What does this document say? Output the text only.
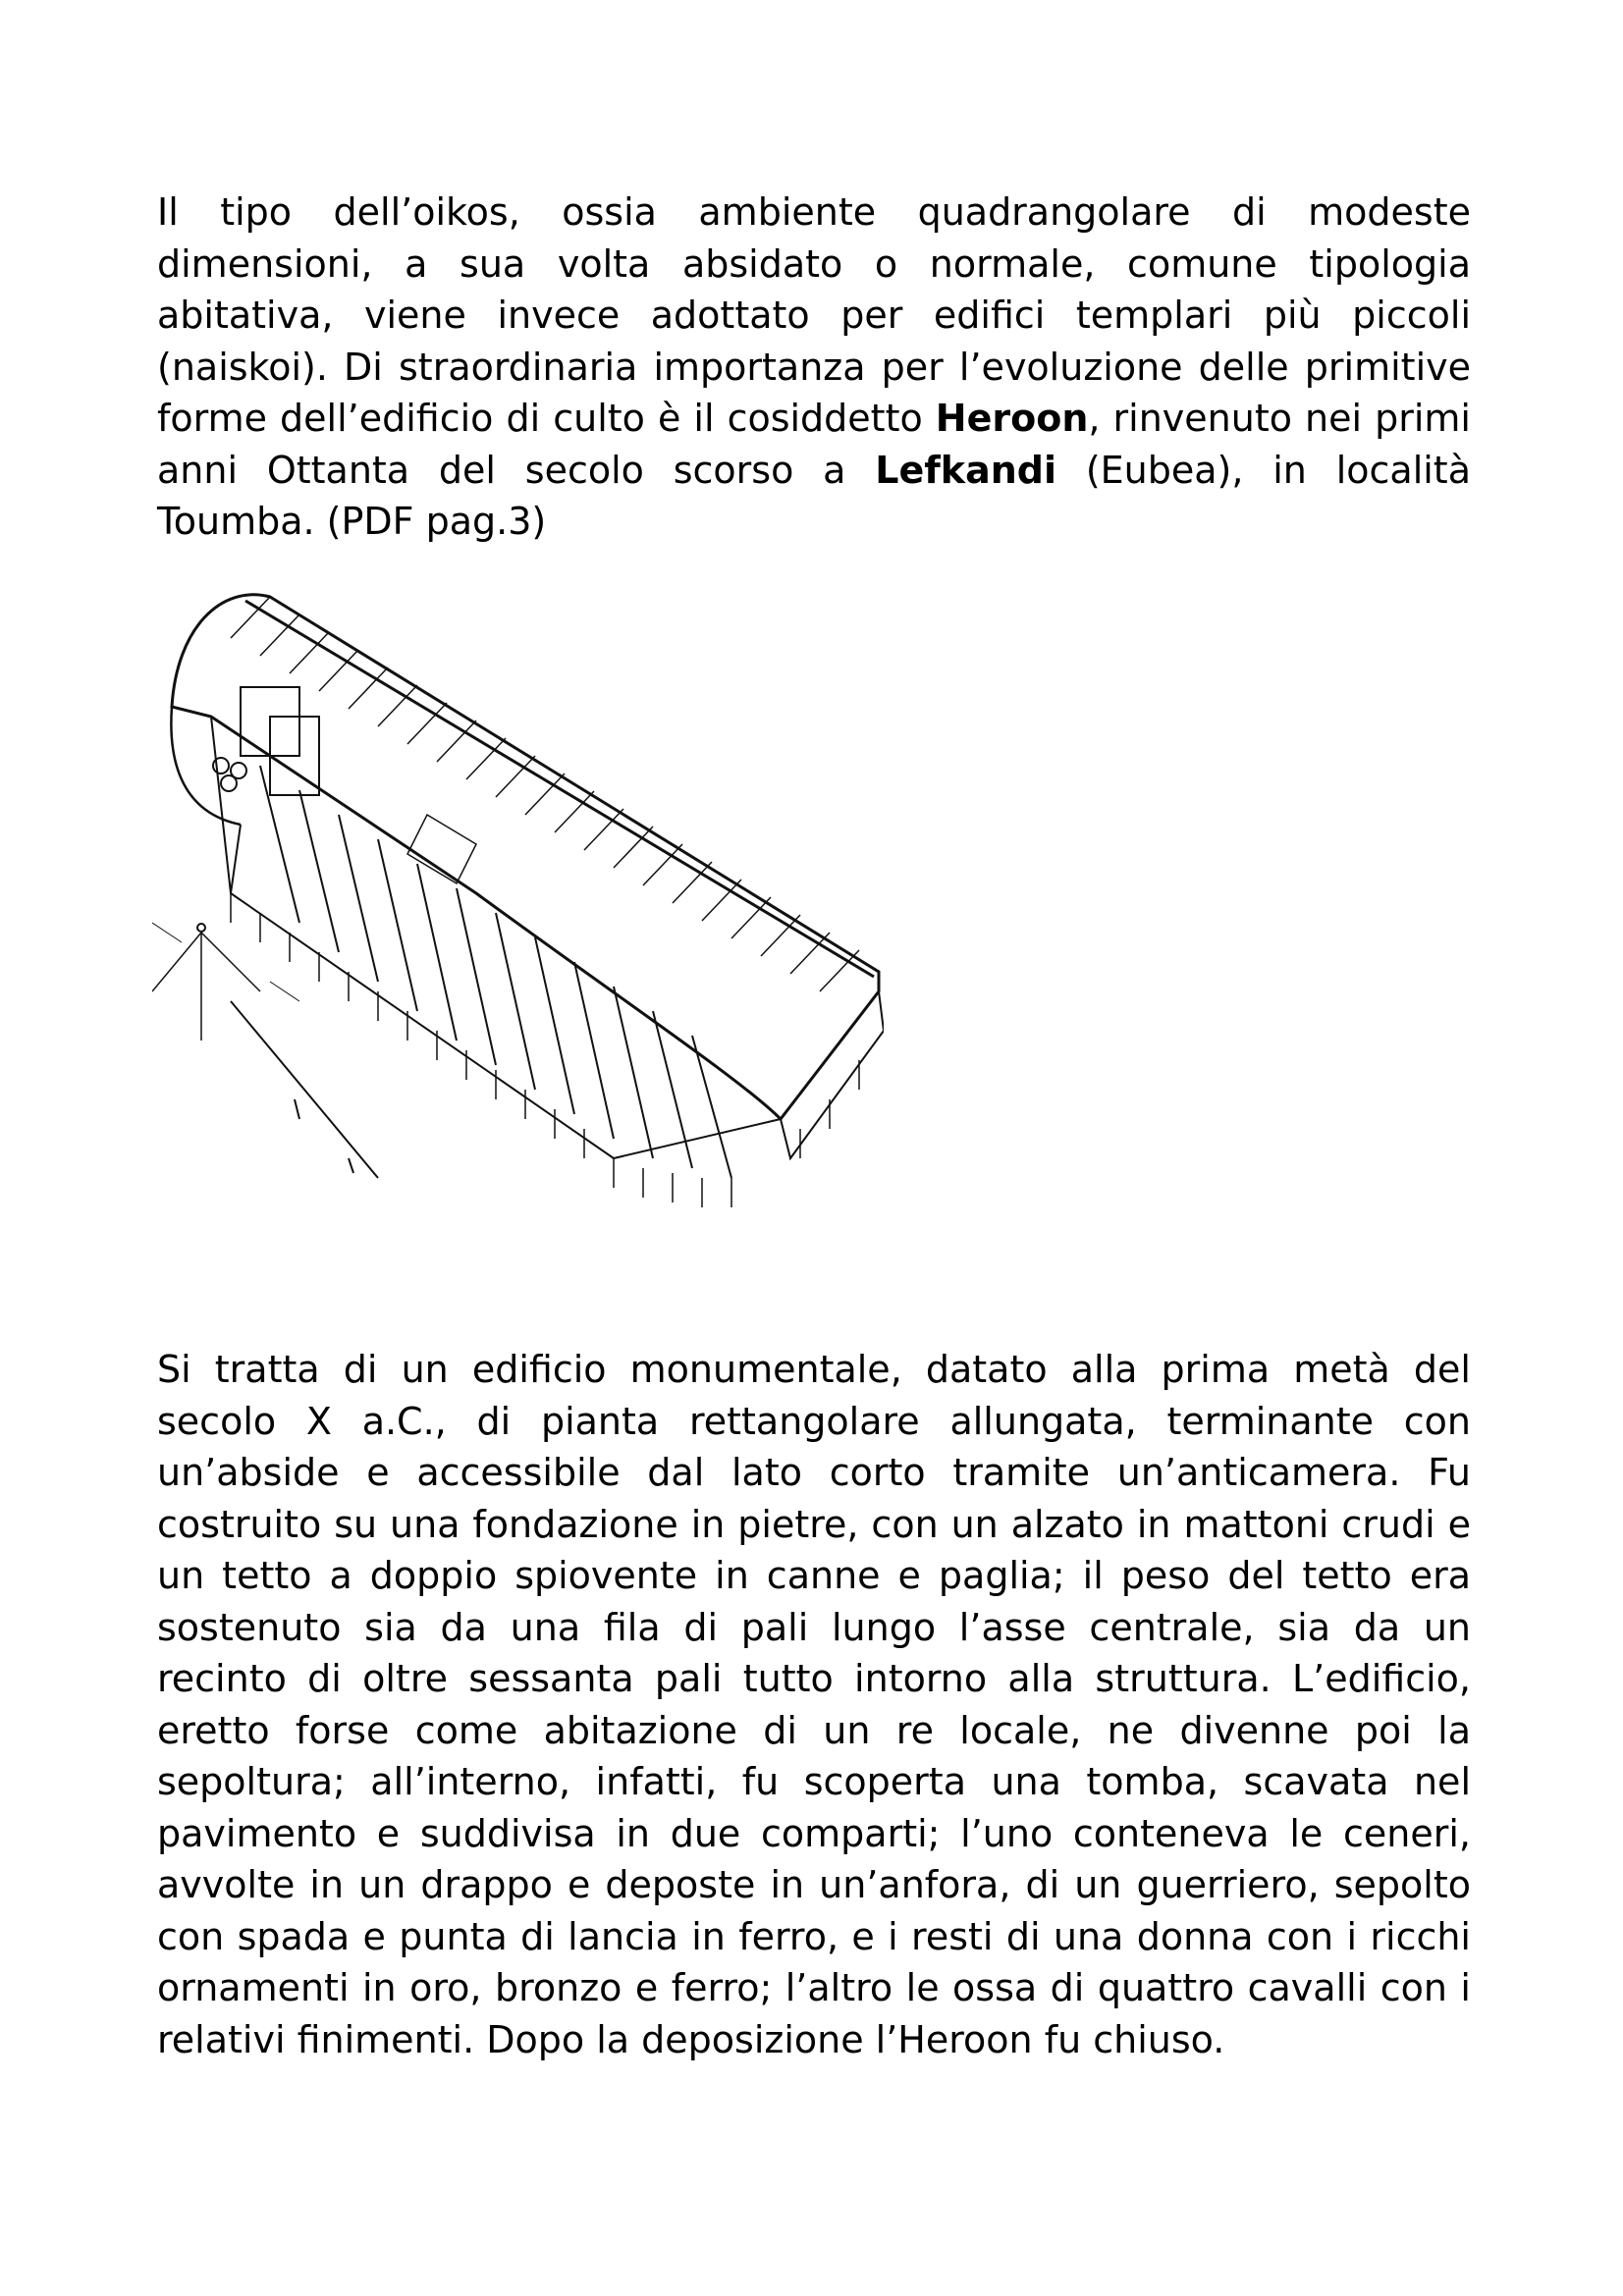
Il tipo dell’oikos, ossia ambiente quadrangolare di modeste dimensioni, a sua volta absidato o normale, comune tipologia abitativa, viene invece adottato per edifici templari più piccoli (naiskoi). Di straordinaria importanza per l’evoluzione delle primitive forme dell’edificio di culto è il cosiddetto Heroon, rinvenuto nei primi anni Ottanta del secolo scorso a Lefkandi (Eubea), in località Toumba. (PDF pag.3)

Si tratta di un edificio monumentale, datato alla prima metà del secolo X a.C., di pianta rettangolare allungata, terminante con un’abside e accessibile dal lato corto tramite un’anticamera. Fu costruito su una fondazione in pietre, con un alzato in mattoni crudi e un tetto a doppio spiovente in canne e paglia; il peso del tetto era sostenuto sia da una fila di pali lungo l’asse centrale, sia da un recinto di oltre sessanta pali tutto intorno alla struttura. L’edificio, eretto forse come abitazione di un re locale, ne divenne poi la sepoltura; all’interno, infatti, fu scoperta una tomba, scavata nel pavimento e suddivisa in due comparti; l’uno conteneva le ceneri, avvolte in un drappo e deposte in un’anfora, di un guerriero, sepolto con spada e punta di lancia in ferro, e i resti di una donna con i ricchi ornamenti in oro, bronzo e ferro; l’altro le ossa di quattro cavalli con i relativi finimenti. Dopo la deposizione l’Heroon fu chiuso.
